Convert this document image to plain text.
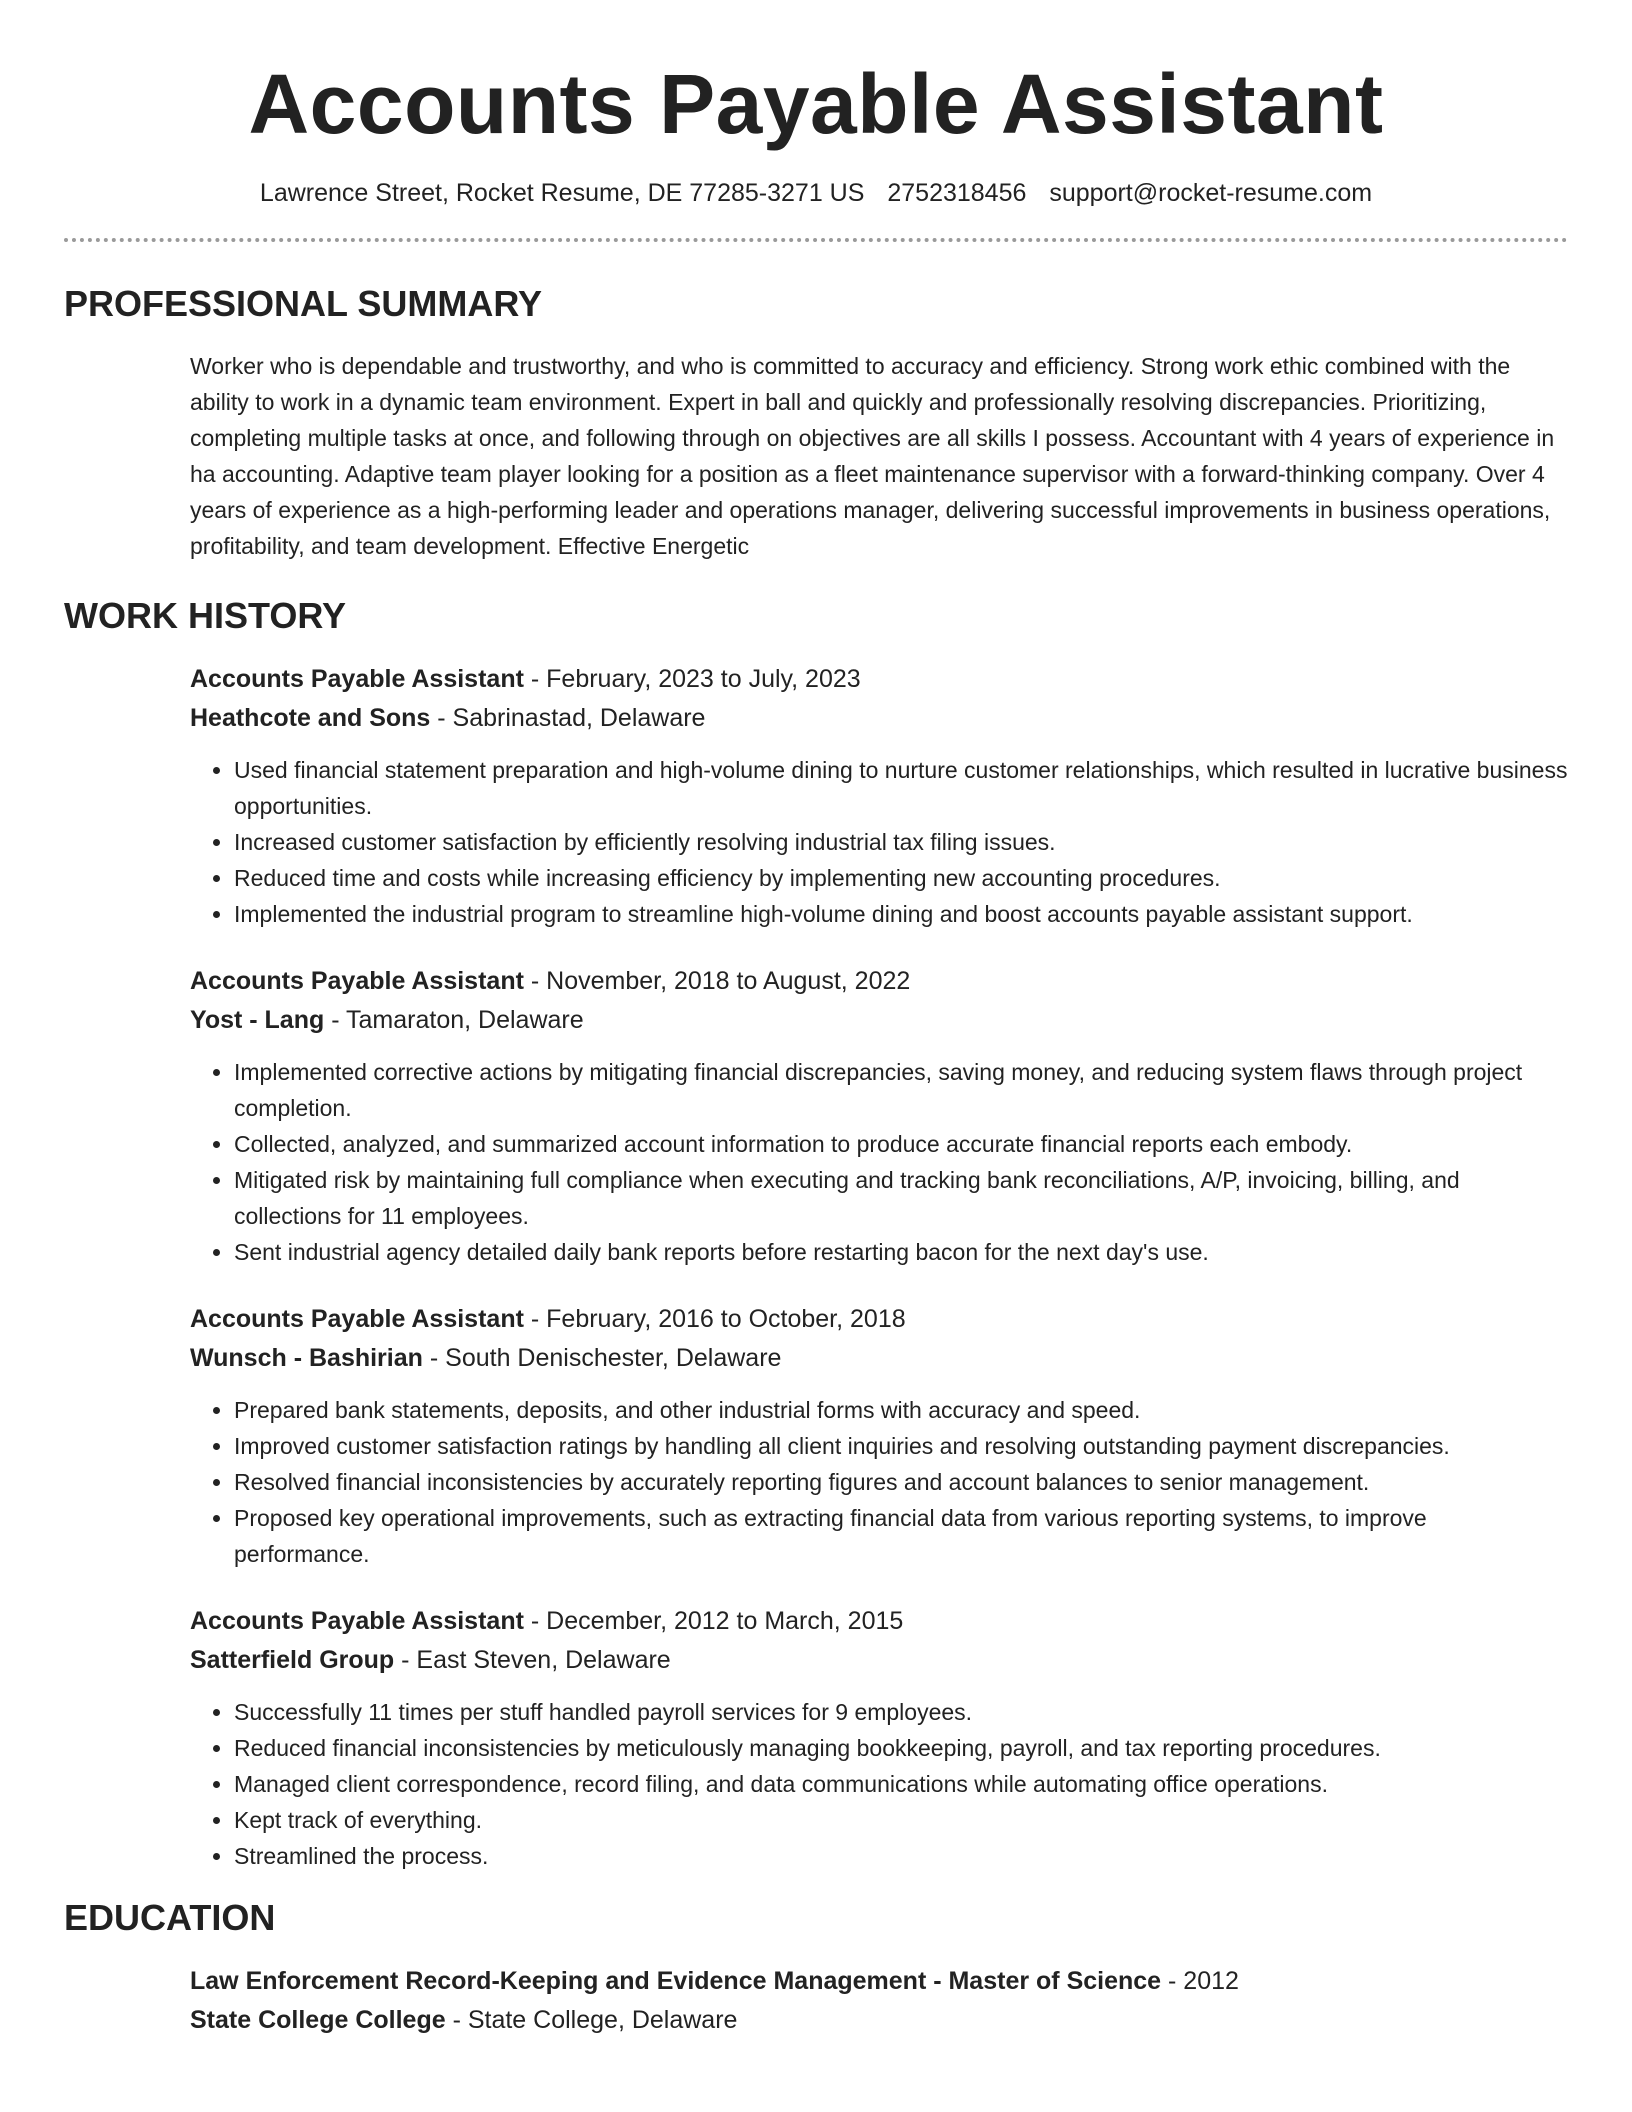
Accounts Payable Assistant
Lawrence Street, Rocket Resume, DE 77285-3271 US 2752318456 support@rocket-resume.com
PROFESSIONAL SUMMARY
Worker who is dependable and trustworthy, and who is committed to accuracy and efficiency. Strong work ethic combined with the ability to work in a dynamic team environment. Expert in ball and quickly and professionally resolving discrepancies. Prioritizing, completing multiple tasks at once, and following through on objectives are all skills I possess. Accountant with 4 years of experience in ha accounting. Adaptive team player looking for a position as a fleet maintenance supervisor with a forward-thinking company. Over 4 years of experience as a high-performing leader and operations manager, delivering successful improvements in business operations, profitability, and team development. Effective Energetic
WORK HISTORY
Accounts Payable Assistant - February, 2023 to July, 2023
Heathcote and Sons - Sabrinastad, Delaware
• Used financial statement preparation and high-volume dining to nurture customer relationships, which resulted in lucrative business opportunities.
• Increased customer satisfaction by efficiently resolving industrial tax filing issues.
• Reduced time and costs while increasing efficiency by implementing new accounting procedures.
• Implemented the industrial program to streamline high-volume dining and boost accounts payable assistant support.
Accounts Payable Assistant - November, 2018 to August, 2022
Yost - Lang - Tamaraton, Delaware
• Implemented corrective actions by mitigating financial discrepancies, saving money, and reducing system flaws through project completion.
• Collected, analyzed, and summarized account information to produce accurate financial reports each embody.
• Mitigated risk by maintaining full compliance when executing and tracking bank reconciliations, A/P, invoicing, billing, and collections for 11 employees.
• Sent industrial agency detailed daily bank reports before restarting bacon for the next day's use.
Accounts Payable Assistant - February, 2016 to October, 2018
Wunsch - Bashirian - South Denischester, Delaware
• Prepared bank statements, deposits, and other industrial forms with accuracy and speed.
• Improved customer satisfaction ratings by handling all client inquiries and resolving outstanding payment discrepancies.
• Resolved financial inconsistencies by accurately reporting figures and account balances to senior management.
• Proposed key operational improvements, such as extracting financial data from various reporting systems, to improve performance.
Accounts Payable Assistant - December, 2012 to March, 2015
Satterfield Group - East Steven, Delaware
• Successfully 11 times per stuff handled payroll services for 9 employees.
• Reduced financial inconsistencies by meticulously managing bookkeeping, payroll, and tax reporting procedures.
• Managed client correspondence, record filing, and data communications while automating office operations.
• Kept track of everything.
• Streamlined the process.
EDUCATION
Law Enforcement Record-Keeping and Evidence Management - Master of Science - 2012
State College College - State College, Delaware
